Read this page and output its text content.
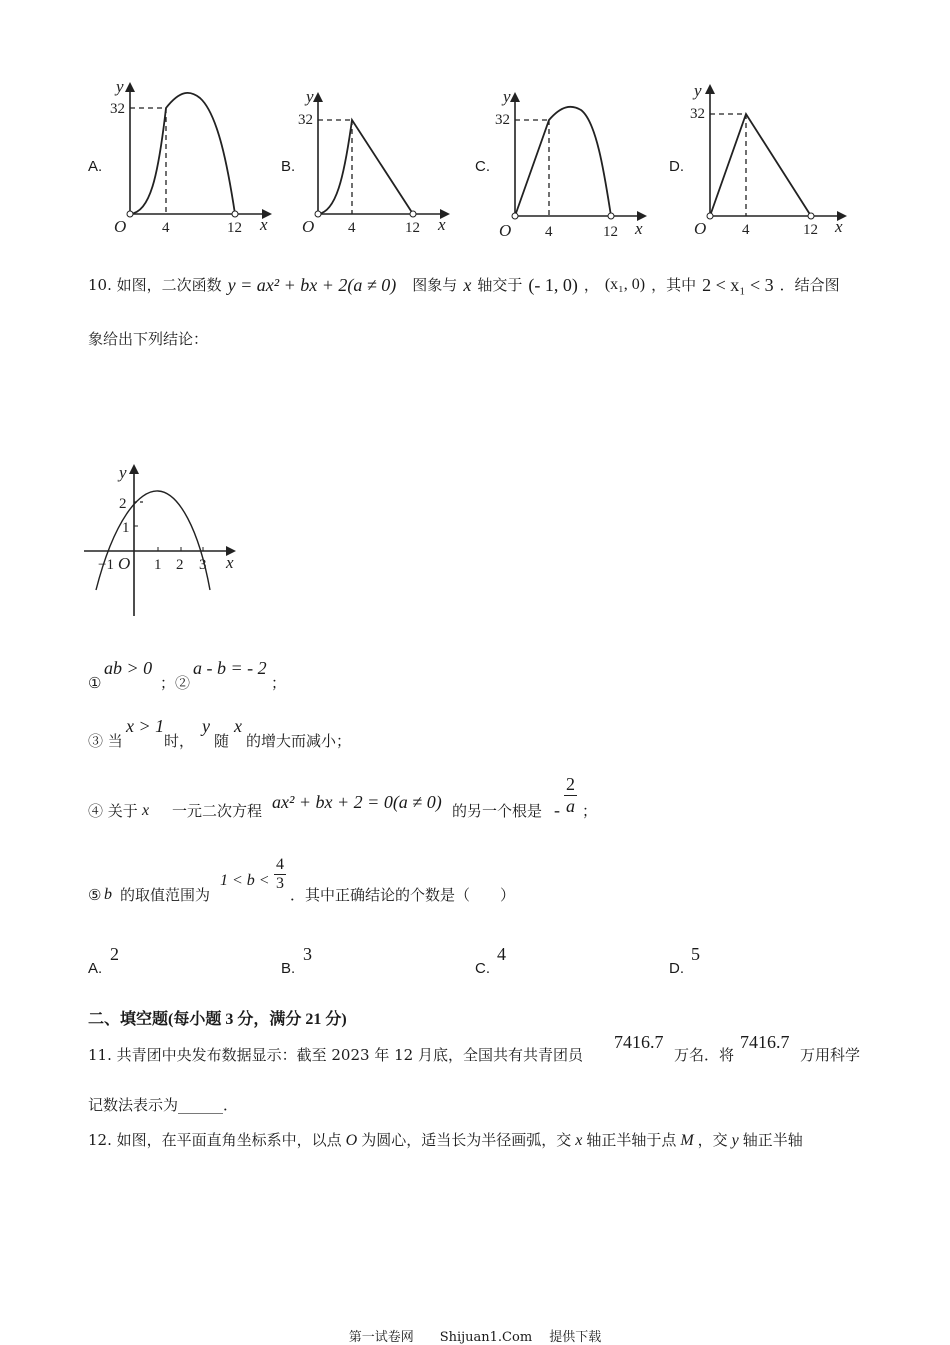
A.
y
32
O 4	12 x
B.
y
32
O 4	12 x
C.
y
32
O 4	12 x
D.
y
32
O 4	12 x
10. 如图，二次函数 y = ax² + bx + 2(a ≠ 0) 图象与 x 轴交于 (- 1, 0) ， (x₁, 0) ，其中 2 < x₁ < 3 ．结合图
象给出下列结论：
y
2
1
−1 O 1 2 3 x
①
ab > 0
；②
a - b = - 2
；
③ 当
x > 1
时，
y
随
x
的增大而减小；
④ 关于 x 一元二次方程 ax² + bx + 2 = 0(a ≠ 0) 的另一个根是 - $\frac{2}{a}$ ；
⑤ b 的取值范围为
$1 < b < \frac{4}{3}$
．其中正确结论的个数是（　　）
A.
2
B.
3
C.
4
D.
5
二、填空题(每小题 3 分，满分 21 分)
11. 共青团中央发布数据显示：截至 2023 年 12 月底，全国共有共青团员
7416.7
万名．将
7416.7
万用科学
记数法表示为______．
12. 如图，在平面直角坐标系中，以点 O 为圆心，适当长为半径画弧，交 x 轴正半轴于点 M ，交 y 轴正半轴
第一试卷网　　Shijuan1.Com　 提供下载
